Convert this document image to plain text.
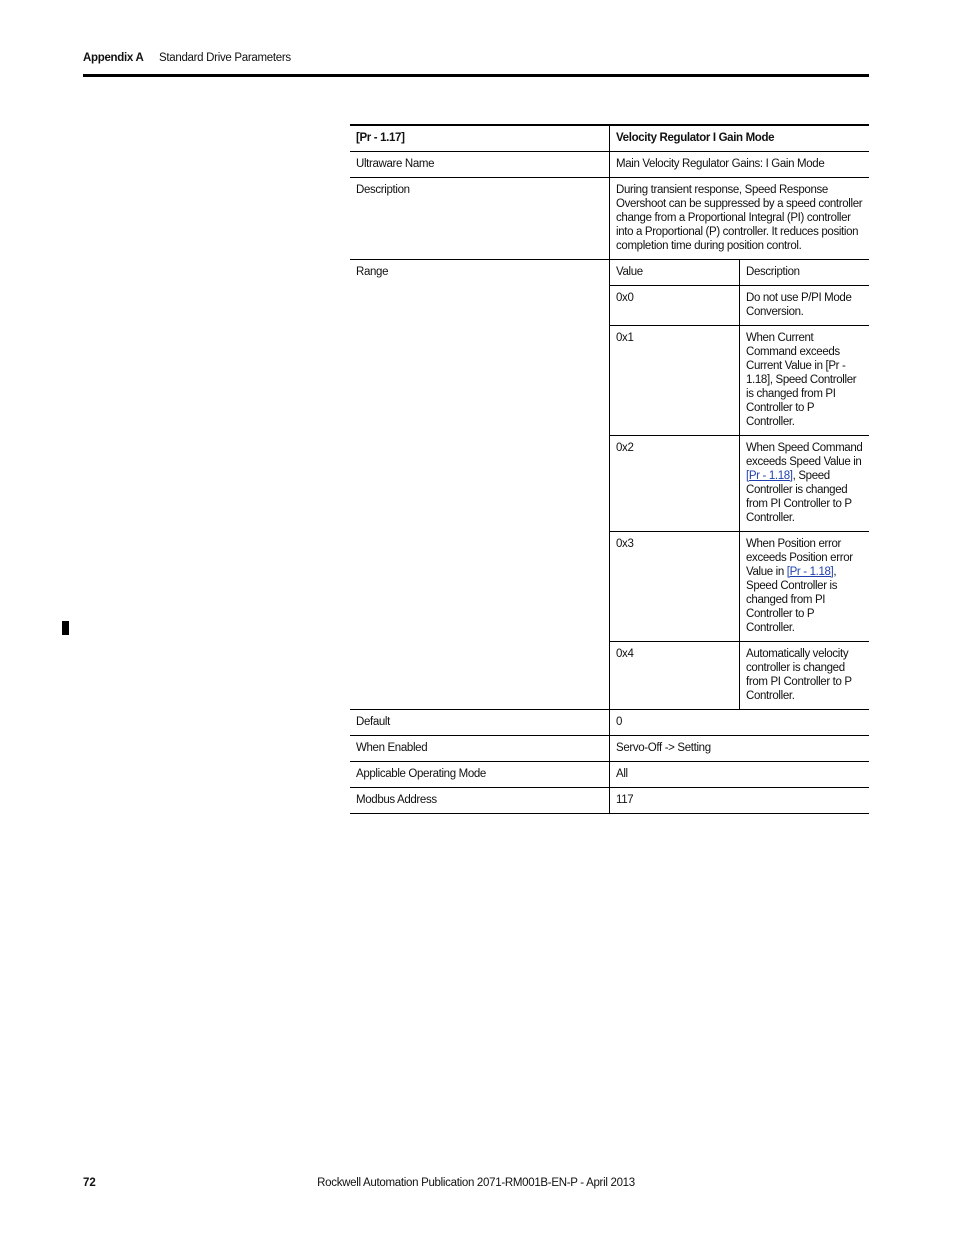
Appendix A Standard Drive Parameters
[Pr - 1.17]	Velocity Regulator I Gain Mode	
Ultraware Name	Main Velocity Regulator Gains: I Gain Mode	
Description	During transient response, Speed Response Overshoot can be suppressed by a speed controller change from a Proportional Integral (PI) controller into a Proportional (P) controller. It reduces position completion time during position control.	
Range	Value	Description
	0x0	Do not use P/PI Mode Conversion.
	0x1	When Current Command exceeds Current Value in [Pr - 1.18], Speed Controller is changed from PI Controller to P Controller.
	0x2	When Speed Command exceeds Speed Value in [Pr - 1.18], Speed Controller is changed from PI Controller to P Controller.
	0x3	When Position error exceeds Position error Value in [Pr - 1.18], Speed Controller is changed from PI Controller to P Controller.
	0x4	Automatically velocity controller is changed from PI Controller to P Controller.
Default	0	
When Enabled	Servo-Off -> Setting	
Applicable Operating Mode	All	
Modbus Address	117	
72	Rockwell Automation Publication 2071-RM001B-EN-P - April 2013
